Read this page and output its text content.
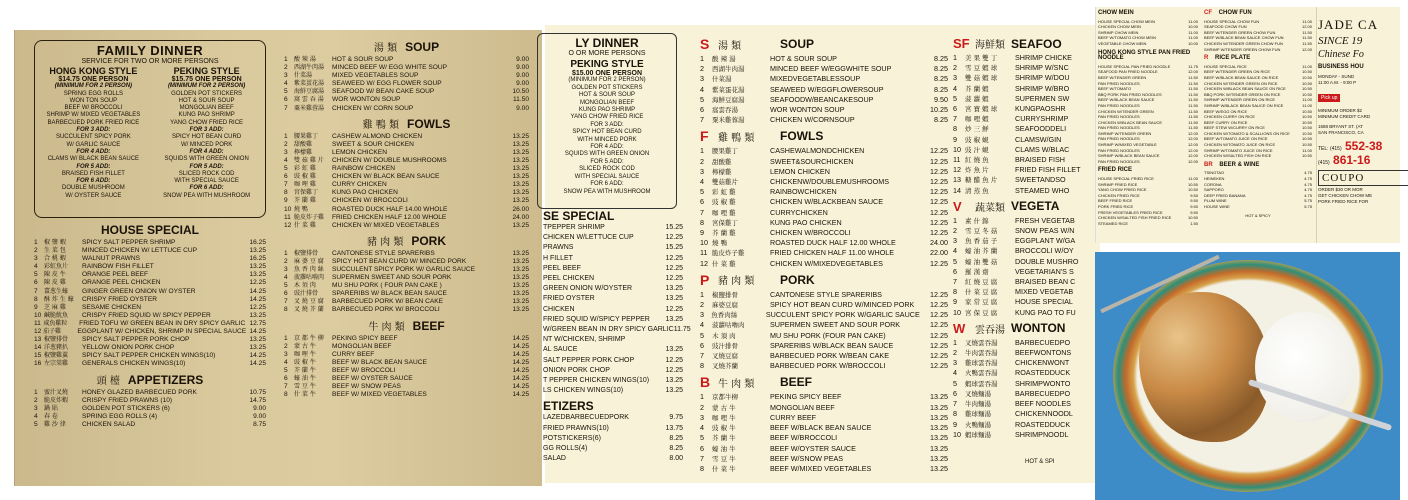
FAMILY DINNER
SERVICE FOR TWO OR MORE PERSONS
HONG KONG STYLE
$14.75 ONE PERSON
(MINIMUM FOR 2 PERSON)
SPRING EGG ROLLS
WON TON SOUP
BEEF W/ BROCCOLI
SHRIMP W/ MIXED VEGETABLES
BARBECUED PORK FRIED RICE
FOR 3 ADD:
SUCCULENT SPICY PORK
W/ GARLIC SAUCE
FOR 4 ADD:
CLAMS W/ BLACK BEAN SAUCE
FOR 5 ADD:
BRAISED FISH FILLET
FOR 6 ADD:
DOUBLE MUSHROOM
W/ OYSTER SAUCE
PEKING STYLE
$15.75 ONE PERSON
(MINIMUM FOR 2 PERSON)
GOLDEN POT STICKERS
HOT & SOUR SOUP
MONGOLIAN BEEF
KUNG PAO SHRIMP
YANG CHOW FRIED RICE
FOR 3 ADD:
SPICY HOT BEAN CURD
W/ MINCED PORK
FOR 4 ADD:
SQUIDS WITH GREEN ONION
FOR 5 ADD:
SLICED ROCK COD
WITH SPECIAL SAUCE
FOR 6 ADD:
SNOW PEA WITH MUSHROOM
HOUSE SPECIAL
1	椒 鹽 蝦	SPICY SALT PEPPER SHRIMP	16.25
2	生 菜 包	MINCED CHICKEN W/ LETTUCE CUP	13.25
3	合 桃 蝦	WALNUT PRAWNS	16.25
4	彩虹魚片	RAINBOW FISH FILLET	13.25
5	陳 皮 牛	ORANGE PEEL BEEF	13.25
6	陳 皮 雞	ORANGE PEEL CHICKEN	12.25
7	薑葱生蠔	GINGER GREEN ONION W/ OYSTER	14.25
8	酥 炸 生 蠔	CRISPY FRIED OYSTER	14.25
9	芝 麻 雞	SESAME CHICKEN	12.25
10 鹹脆魷魚	CRISPY FRIED SQUID W/ SPICY PEPPER	13.25
11 咸魚雞粒	FRIED TOFU W/ GREEN BEAN IN DRY SPICY GARLIC 12.75
12 茄子雞	EGGPLANT W/ CHICKEN, SHRIMP IN SPECIAL SAUCE 14.25
13 椒鹽排骨	SPICY SALT PEPPER PORK CHOP	13.25
14 洋葱豬扒	YELLOW ONION PORK CHOP	13.25
15 椒鹽雞翼	SPICY SALT PEPPER CHICKEN WINGS(10)	14.25
16 左宗棠雞	GENERALS CHICKEN WINGS(10)	14.25
頭 檯 APPETIZERS
1	蜜汁叉燒	HONEY GLAZED BARBECUED PORK	10.75
2	脆皮炸蝦	CRISPY FRIED PRAWNS (10)	14.75
3	鍋 貼	GOLDEN POT STICKERS (6)	9.00
4	春 卷	SPRING EGG ROLLS (4)	9.00
5	雞 沙 律	CHICKEN SALAD	8.75
湯 類 SOUP
1	酸 辣 湯	HOT & SOUR SOUP	9.00
2	西湖牛肉湯	MINCED BEEF W/ EGG WHITE SOUP	9.00
3	什菜湯	MIXED VEGETABLES SOUP	9.00
4	紫菜蛋花湯	SEAWEED W/ EGG FLOWER SOUP	9.00
5	海鮮豆腐湯	SEAFOOD W/ BEAN CAKE SOUP	10.50
6	窩 雲 吞 湯	WOR WONTON SOUP	11.50
7	粟米雞蓉湯	CHICKEN W/ CORN SOUP	9.00
雞 鴨 類 FOWLS
1	腰果雞丁	CASHEW ALMOND CHICKEN	13.25
2	甜酸雞	SWEET & SOUR CHICKEN	13.25
3	檸檬雞	LEMON CHICKEN	13.25
4	雙 菇 雞 片	CHICKEN W/ DOUBLE MUSHROOMS	13.25
5	彩 虹 雞	RAINBOW CHICKEN	13.25
6	豉 椒 雞	CHICKEN W/ BLACK BEAN SAUCE	13.25
7	咖 哩 雞	CURRY CHICKEN	13.25
8	宮保雞丁	KUNG PAO CHICKEN	13.25
9	芥 蘭 雞	CHICKEN W/ BROCCOLI	13.25
10 燒 鴨	ROASTED DUCK HALF 14.00 WHOLE	26.00
11 脆皮炸子雞	FRIED CHICKEN HALF 12.00 WHOLE	24.00
12 什 菜 雞	CHICKEN W/ MIXED VEGETABLES	13.25
豬 肉 類 PORK
1	椒鹽排骨	CANTONESE STYLE SPARERIBS	13.25
2	麻 婆 豆 腐	SPICY HOT BEAN CURD W/ MINCED PORK	13.25
3	魚 香 肉 絲	SUCCULENT SPICY PORK W/ GARLIC SAUCE	13.25
4	菠蘿咕嚕肉	SUPERMEN SWEET AND SOUR PORK	13.25
5	木 須 肉	MU SHU PORK ( FOUR PAN CAKE )	13.25
6	豉汁排骨	SPARERIBS W/ BLACK BEAN SAUCE	13.25
7	叉 燒 豆 腐	BARBECUED PORK W/ BEAN CAKE	13.25
8	叉 燒 芥 蘭	BARBECUED PORK W/ BROCCOLI	13.25
牛 肉 類 BEEF
1	京 都 牛 柳	PEKING SPICY BEEF	14.25
2	蒙 古 牛	MONGOLIAN BEEF	14.25
3	咖 哩 牛	CURRY BEEF	14.25
4	豉 椒 牛	BEEF W/ BLACK BEAN SAUCE	14.25
5	芥 蘭 牛	BEEF W/ BROCCOLI	14.25
6	蠔 油 牛	BEEF W/ OYSTER SAUCE	14.25
7	雪 豆 牛	BEEF W/ SNOW PEAS	14.25
8	什 菜 牛	BEEF W/ MIXED VEGETABLES	14.25
LY DINNER
O OR MORE PERSONS
PEKING STYLE
$15.00 ONE PERSON
(MINIMUM FOR 2 PERSON)
GOLDEN POT STICKERS
HOT & SOUR SOUP
MONGOLIAN BEEF
KUNG PAO SHRIMP
YANG CHOW FRIED RICE
FOR 3 ADD:
SPICY HOT BEAN CURD
WITH MINCED PORK
FOR 4 ADD:
SQUIDS WITH GREEN ONION
FOR 5 ADD:
SLICED ROCK COD
WITH SPECIAL SAUCE
FOR 6 ADD:
SNOW PEA WITH MUSHROOM
SE SPECIAL
TPEPPER SHRIMP	15.25
CHICKEN W/LETTUCE CUP	12.25
PRAWNS	15.25
H FILLET	12.25
PEEL BEEF	12.25
PEEL CHICKEN	12.25
GREEN ONION W/OYSTER	13.25
FRIED OYSTER	13.25
CHICKEN	12.25
FRIED SQUID W/SPICY PEPPER	13.25
W/GREEN BEAN IN DRY SPICY GARLIC 11.75
NT W/CHICKEN, SHRIMP
AL SAUCE	13.25
SALT PEPPER PORK CHOP	12.25
ONION PORK CHOP	12.25
T PEPPER CHICKEN WINGS(10)	13.25
LS CHICKEN WINGS(10)	13.25
ETIZERS
LAZEDBARBECUEDPORK	9.75
FRIED PRAWNS(10)	13.75
POTSTICKERS(6)	8.25
GG ROLLS(4)	8.25
SALAD	8.00
S 湯 類	SOUP
1	酸 辣 湯	HOT & SOUR SOUP	8.25
2	西湖牛肉湯	MINCED BEEF W/EGGWHITE SOUP	8.25
3	什菜湯	MIXEDVEGETABLESSOUP	8.25
4	紫菜蛋花湯	SEAWEED W/EGGFLOWERSOUP	8.25
5	海鮮豆腐湯	SEAFOODW/BEANCAKESOUP	9.50
6	窩雲吞湯	WOR WONTON SOUP	10.25
7	粟米雞蓉湯	CHICKEN W/CORNSOUP	8.25
F 雞 鴨 類	FOWLS
1	腰果雞丁	CASHEWALMONDCHICKEN	12.25
2	甜酸雞	SWEET&SOURCHICKEN	12.25
3	檸檬雞	LEMON CHICKEN	12.25
4	雙菇雞片	CHICKENW/DOUBLEMUSHROOMS	12.25
5	彩 虹 雞	RAINBOWCHICKEN	12.25
6	豉 椒 雞	CHICKEN W/BLACKBEAN SAUCE	12.25
7	咖 哩 雞	CURRYCHICKEN	12.25
8	宮保雞丁	KUNG PAO CHICKEN	12.25
9	芥 蘭 雞	CHICKEN W/BROCCOLI	12.25
10 燒 鴨	ROASTED DUCK HALF 12.00 WHOLE	24.00
11 脆皮炸子雞	FRIED CHICKEN HALF 11.00 WHOLE	22.00
12 什 菜 雞	CHICKEN W/MIXEDVEGETABLES	12.25
P 豬 肉 類	PORK
1	椒鹽排骨	CANTONESE STYLE SPARERIBS	12.25
2	麻婆豆腐	SPICY HOT BEAN CURD W/MINCED PORK	12.25
3	魚香肉絲	SUCCULENT SPICY PORK W/GARLIC SAUCE	12.25
4	菠蘿咕嚕肉	SUPERMEN SWEET AND SOUR PORK	12.25
5	木 須 肉	MU SHU PORK (FOUR PAN CAKE)	12.25
6	豉汁排骨	SPARERIBS W/BLACK BEAN SAUCE	12.25
7	叉燒豆腐	BARBECUED PORK W/BEAN CAKE	12.25
8	叉燒芥蘭	BARBECUED PORK W/BROCCOLI	12.25
B 牛 肉 類	BEEF
1	京都牛柳	PEKING SPICY BEEF	13.25
2	蒙 古 牛	MONGOLIAN BEEF	13.25
3	咖 哩 牛	CURRY BEEF	13.25
4	豉 椒 牛	BEEF W/BLACK BEAN SAUCE	13.25
5	芥 蘭 牛	BEEF W/BROCCOLI	13.25
6	蠔 油 牛	BEEF W/OYSTER SAUCE	13.25
7	雪 豆 牛	BEEF W/SNOW PEAS	13.25
8	什 菜 牛	BEEF W/MIXED VEGETABLES	13.25
SF 海鮮類 SEAFOO
1	美 果 雙 丁	SHRIMP CHICKE
2	雪 豆 蝦 球	SHRIMP W/SNC
3	雙 菇 蝦 球	SHRIMP W/DOU
4	芥 蘭 蝦	SHRIMP W/BRO
5	菠 蘿 蝦	SUPERMEN SW
6	宮 寶 蝦 球	KUNGPAOSHR
7	咖 哩 蝦	CURRYSHRIMP
8	炒 三 鮮	SEAFOODDELI
9	豉 椒 蜆	CLAMSW/GIN
10 豉 汁 蜆	CLAMS W/BLAC
11 紅 燒 魚	BRAISED FISH
12 炸 魚 片	FRIED FISH FILLET
13 糖 醋 魚 片	SWEETANDSO
14 清 蒸 魚	STEAMED WHO
V	蔬菜類 VEGETA
1	素 什 錦	FRESH VEGETAB
2	雪 豆 冬 菇	SNOW PEAS W/N
3	魚 香 茄 子	EGGPLANT W/GA
4	蠔 油 芥 蘭	BROCCOLI W/OY
5	蠔 油 雙 菇	DOUBLE MUSHRO
6	羅 漢 齋	VEGETARIAN'S S
7	紅 燒 豆 腐	BRAISED BEAN C
8	什 菜 豆 腐	MIXED VEGETAB
9	家 常 豆 腐	HOUSE SPECIAL
10 宮 保 豆 腐	KUNG PAO TO FU
W 雲吞湯 WONTON
1	叉燒雲吞湯	BARBECUEDPO
2	牛肉雲吞湯	BEEFWONTONS
3	雞球雲吞湯	CHICKENWONT
4	火鴨雲吞湯	ROASTEDDUCK
5	蝦球雲吞湯	SHRIMPWONTO
6	叉燒麵湯	BARBECUEDPO
7	牛肉麵湯	BEEF NOODLES
8	雞球麵湯	CHICKENNOODL
9	火鴨麵湯	ROASTEDDUCK
10 蝦球麵湯	SHRIMPNOODL
HOT & SPI
CHOW MEIN
HOUSE SPECIAL CHOW MEIN	11.00
CHICKEN CHOW MEIN	10.00
SHRIMP CHOW MEIN	11.00
BEEF W/TOMATO CHOW MEIN	11.00
VEGETABLE CHOW MEIN	10.00
HONG KONG STYLE PAN FRIED NOODLE
HOUSE SPECIAL PAN FRIED NOODLE	11.75
SEAFOOD PAN FRIED NOODLE	12.00
BEEF W/TENDER GREEN	11.50
PAN FRIED NOODLES	11.50
BEEF W/TOMATO	11.50
BBQ PORK PAN FRIED NOODLES	11.50
BEEF W/BLACK BEAN SAUCE	11.50
PAN FRIED NOODLES	11.50
CHICKEN W/TENDER GREEN	11.50
PAN FRIED NOODLES	11.50
CHICKEN W/BLACK BEAN SAUCE	11.50
PAN FRIED NOODLES	11.50
SHRIMP W/TENDER GREEN	12.00
PAN FRIED NOODLES	12.00
SHRIMP W/MIXED VEGETABLE	12.00
PAN FRIED NOODLES	12.00
SHRIMP W/BLACK BEAN SAUCE	12.00
PAN FRIED NOODLES	12.00
FRIED RICE
HOUSE SPECIAL FRIED RICE	11.00
SHRIMP FRIED RICE	10.50
YANG CHOW FRIED RICE	10.50
CHICKEN FRIED RICE	9.50
BEEF FRIED RICE	9.50
PORK FRIED RICE	9.50
FRESH VEGETABLES FRIED RICE	9.50
CHICKEN W/SALTED FISH FRIED RICE	10.50
STEAMED RICE	1.50
CF CHOW FUN
HOUSE SPECIAL CHOW FUN	11.00
SEAFOOD CHOW FUN	12.00
BEEF W/TENDER GREEN CHOW FUN	11.50
BEEF W/BLACK BEAN SAUCE CHOW FUN	11.50
CHICKEN W/TENDER GREEN CHOW FUN	11.50
SHRIMP W/TENDER GREEN CHOW FUN	12.00
R RICE PLATE
HOUSE SPECIAL RICE	11.00
BEEF W/TENDER GREEN ON RICE	10.50
BEEF W/BLACK BEAN SAUCE ON RICE	10.50
CHICKEN W/TENDER GREEN ON RICE	10.50
CHICKEN W/BLACK BEAN SAUCE ON RICE	10.50
BBQ PORK W/TENDER GREEN ON RICE	10.50
SHRIMP W/TENDER GREEN ON RICE	11.00
SHRIMP W/BLACK BEAN SAUCE ON RICE	11.00
BEEF W/EGG ON RICE	10.50
CHICKEN CURRY ON RICE	10.50
BEEF CURRY ON RICE	10.50
BEEF STEW W/CURRY ON RICE	10.50
CHICKEN W/TOMATO & SCALLIONS ON RICE	10.50
BEEF W/TOMATO JUICE ON RICE	10.50
CHICKEN W/TOMATO JUICE ON RICE	10.50
SHRIMP W/TOMATO JUICE ON RICE	11.00
CHICKEN W/SALTED FISH ON RICE	10.50
BR BEER & WINE
TSINGTAO	4.75
HEINEKEN	4.75
CORONA	4.75
SAPPORO	4.75
DEEP FRIED BANANA	4.75
PLUM WINE	5.75
HOUSE WINE	5.75
HOT & SPICY
JADE CA
SINCE 19
Chinese Fo
BUSINESS HOU
MONDAY - SUND
11:00 A.M. - 9:00 P
Pick up
MINIMUM ORDER $2
MINIMUM CREDIT CARD
1688 BRYANT ST. (AT
SAN FRANCISCO, CA
TEL: (415) 552-38
(415) 861-16
COUPO
ORDER $30 OR MOR
GET CHICKEN CHOW ME
PORK FRIED RICE FOR
